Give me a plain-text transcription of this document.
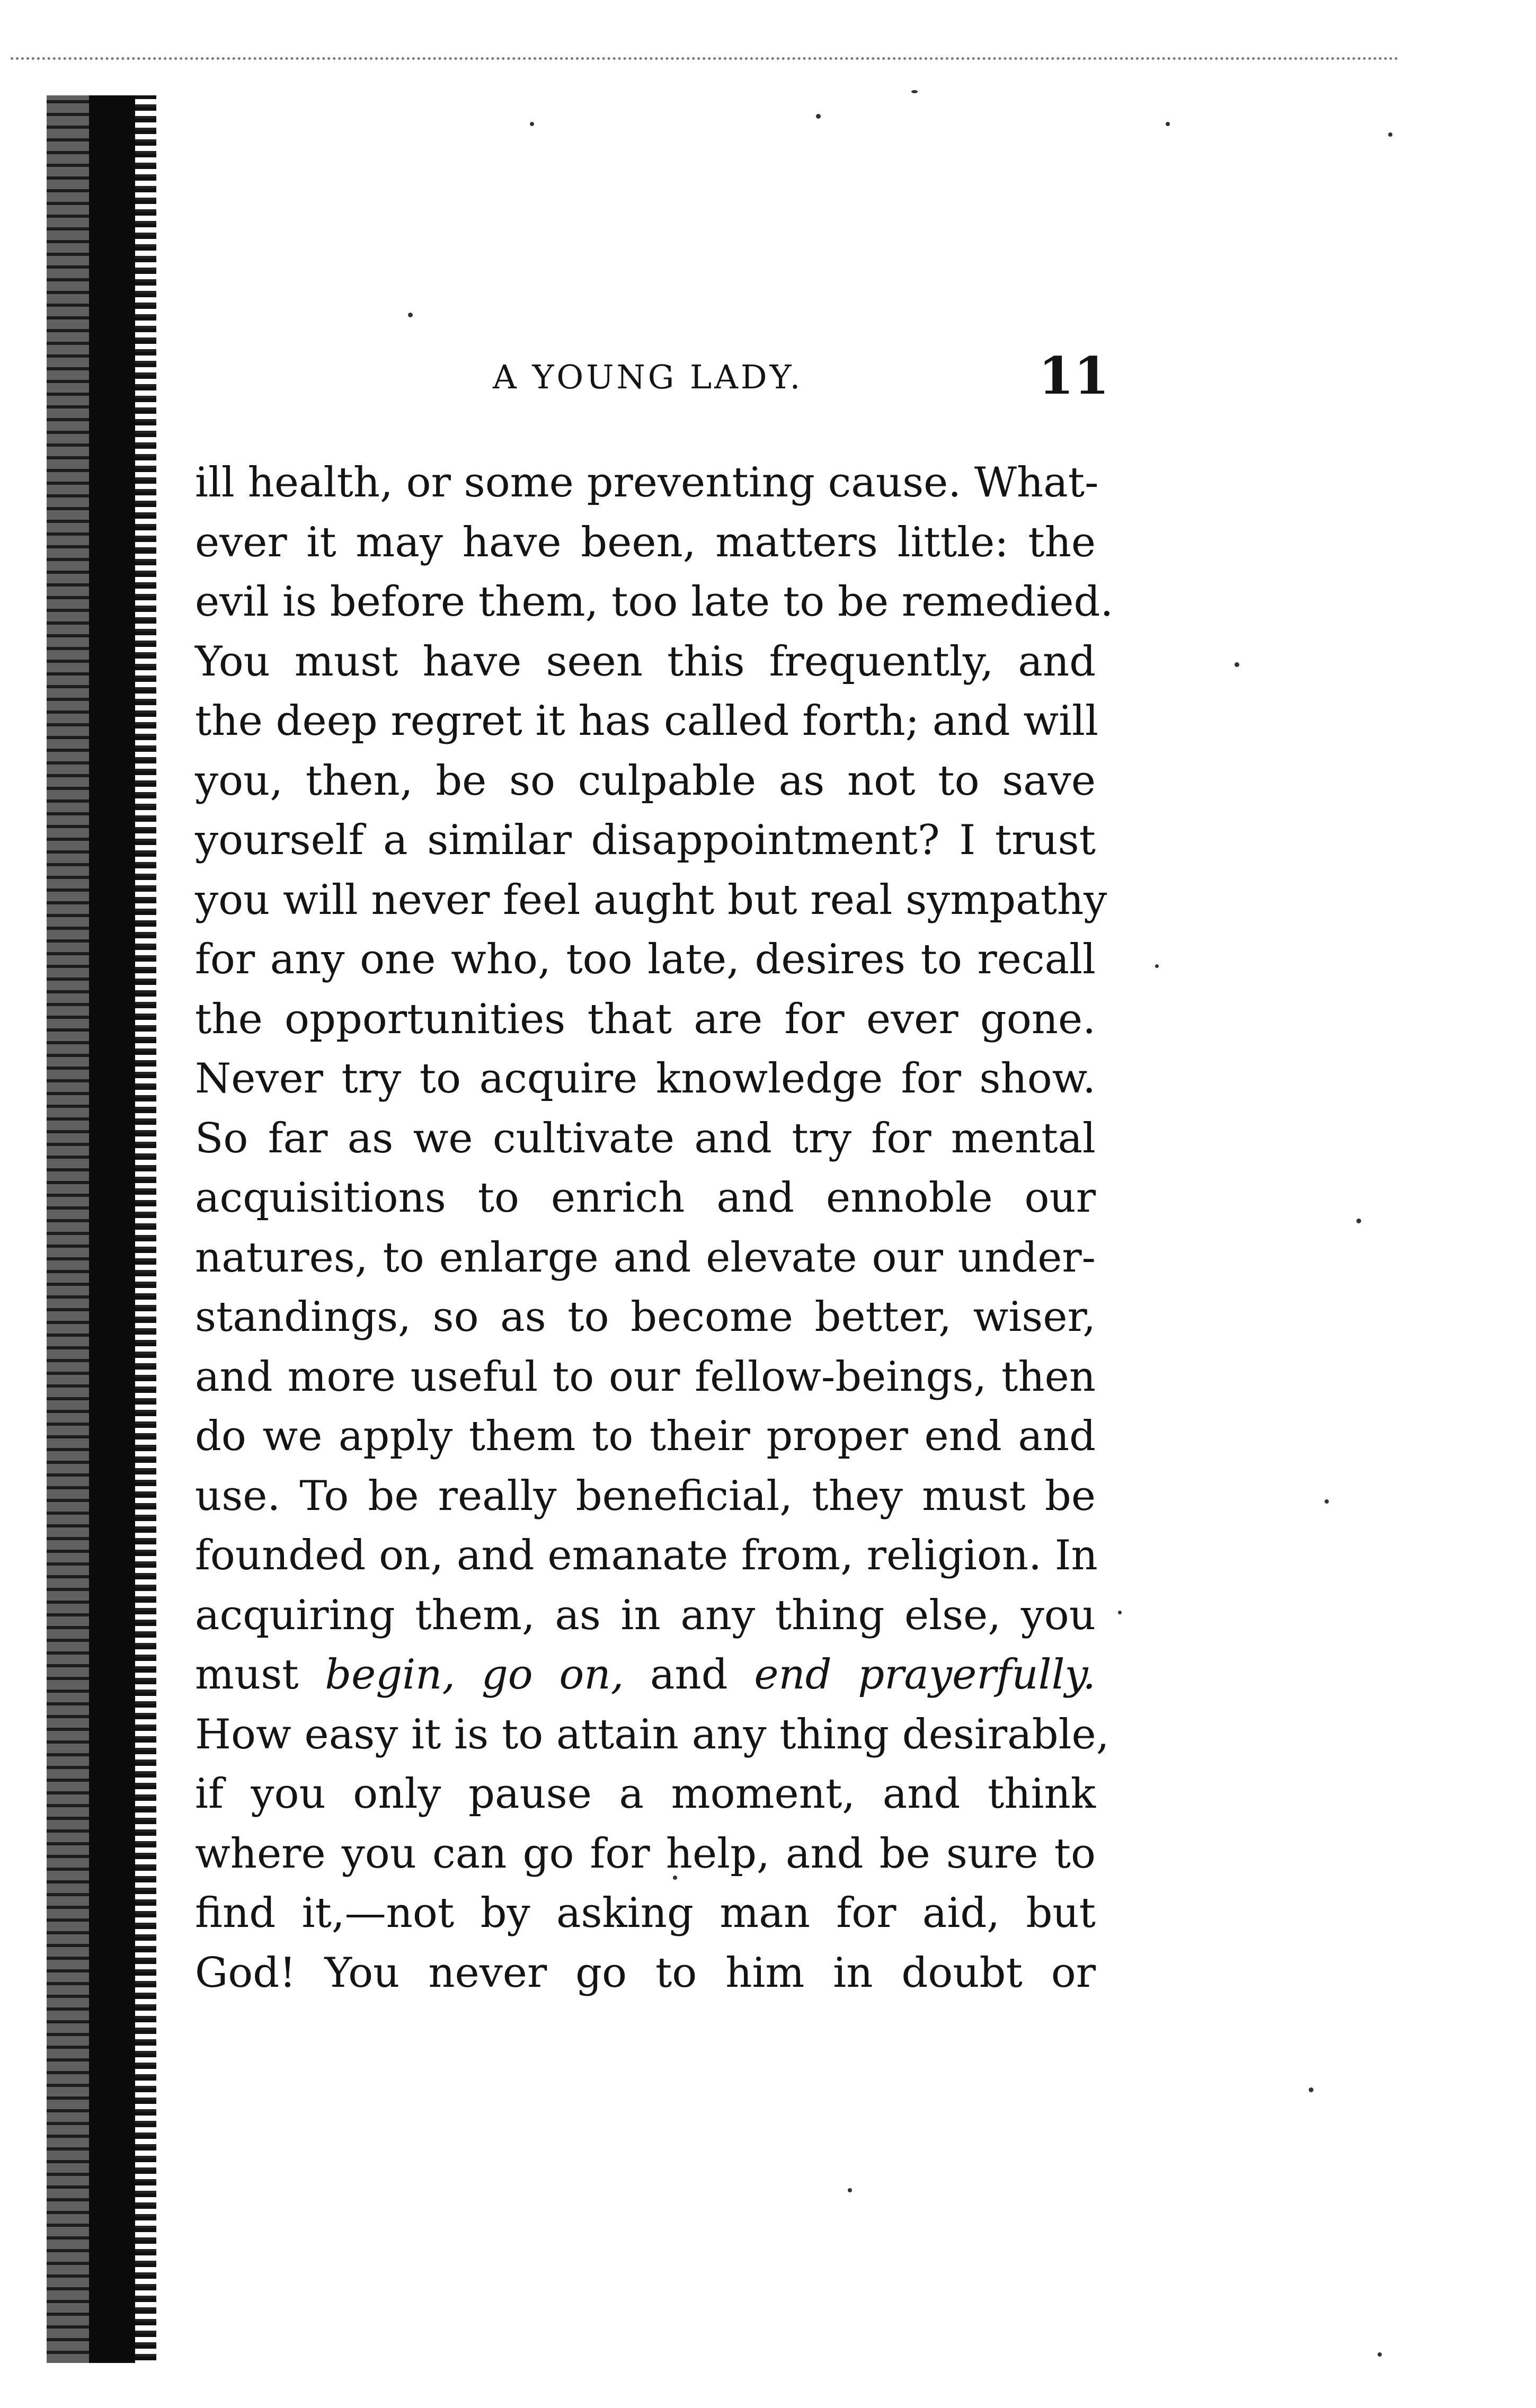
A YOUNG LADY.	11
ill health, or some preventing cause. What-
ever it may have been, matters little: the
evil is before them, too late to be remedied.
You must have seen this frequently, and
the deep regret it has called forth; and will
you, then, be so culpable as not to save
yourself a similar disappointment? I trust
you will never feel aught but real sympathy
for any one who, too late, desires to recall
the opportunities that are for ever gone.
Never try to acquire knowledge for show.
So far as we cultivate and try for mental
acquisitions to enrich and ennoble our
natures, to enlarge and elevate our under-
standings, so as to become better, wiser,
and more useful to our fellow-beings, then
do we apply them to their proper end and
use. To be really beneficial, they must be
founded on, and emanate from, religion. In
acquiring them, as in any thing else, you
must begin, go on, and end prayerfully.
How easy it is to attain any thing desirable,
if you only pause a moment, and think
where you can go for help, and be sure to
find it,—not by asking man for aid, but
God! You never go to him in doubt or
